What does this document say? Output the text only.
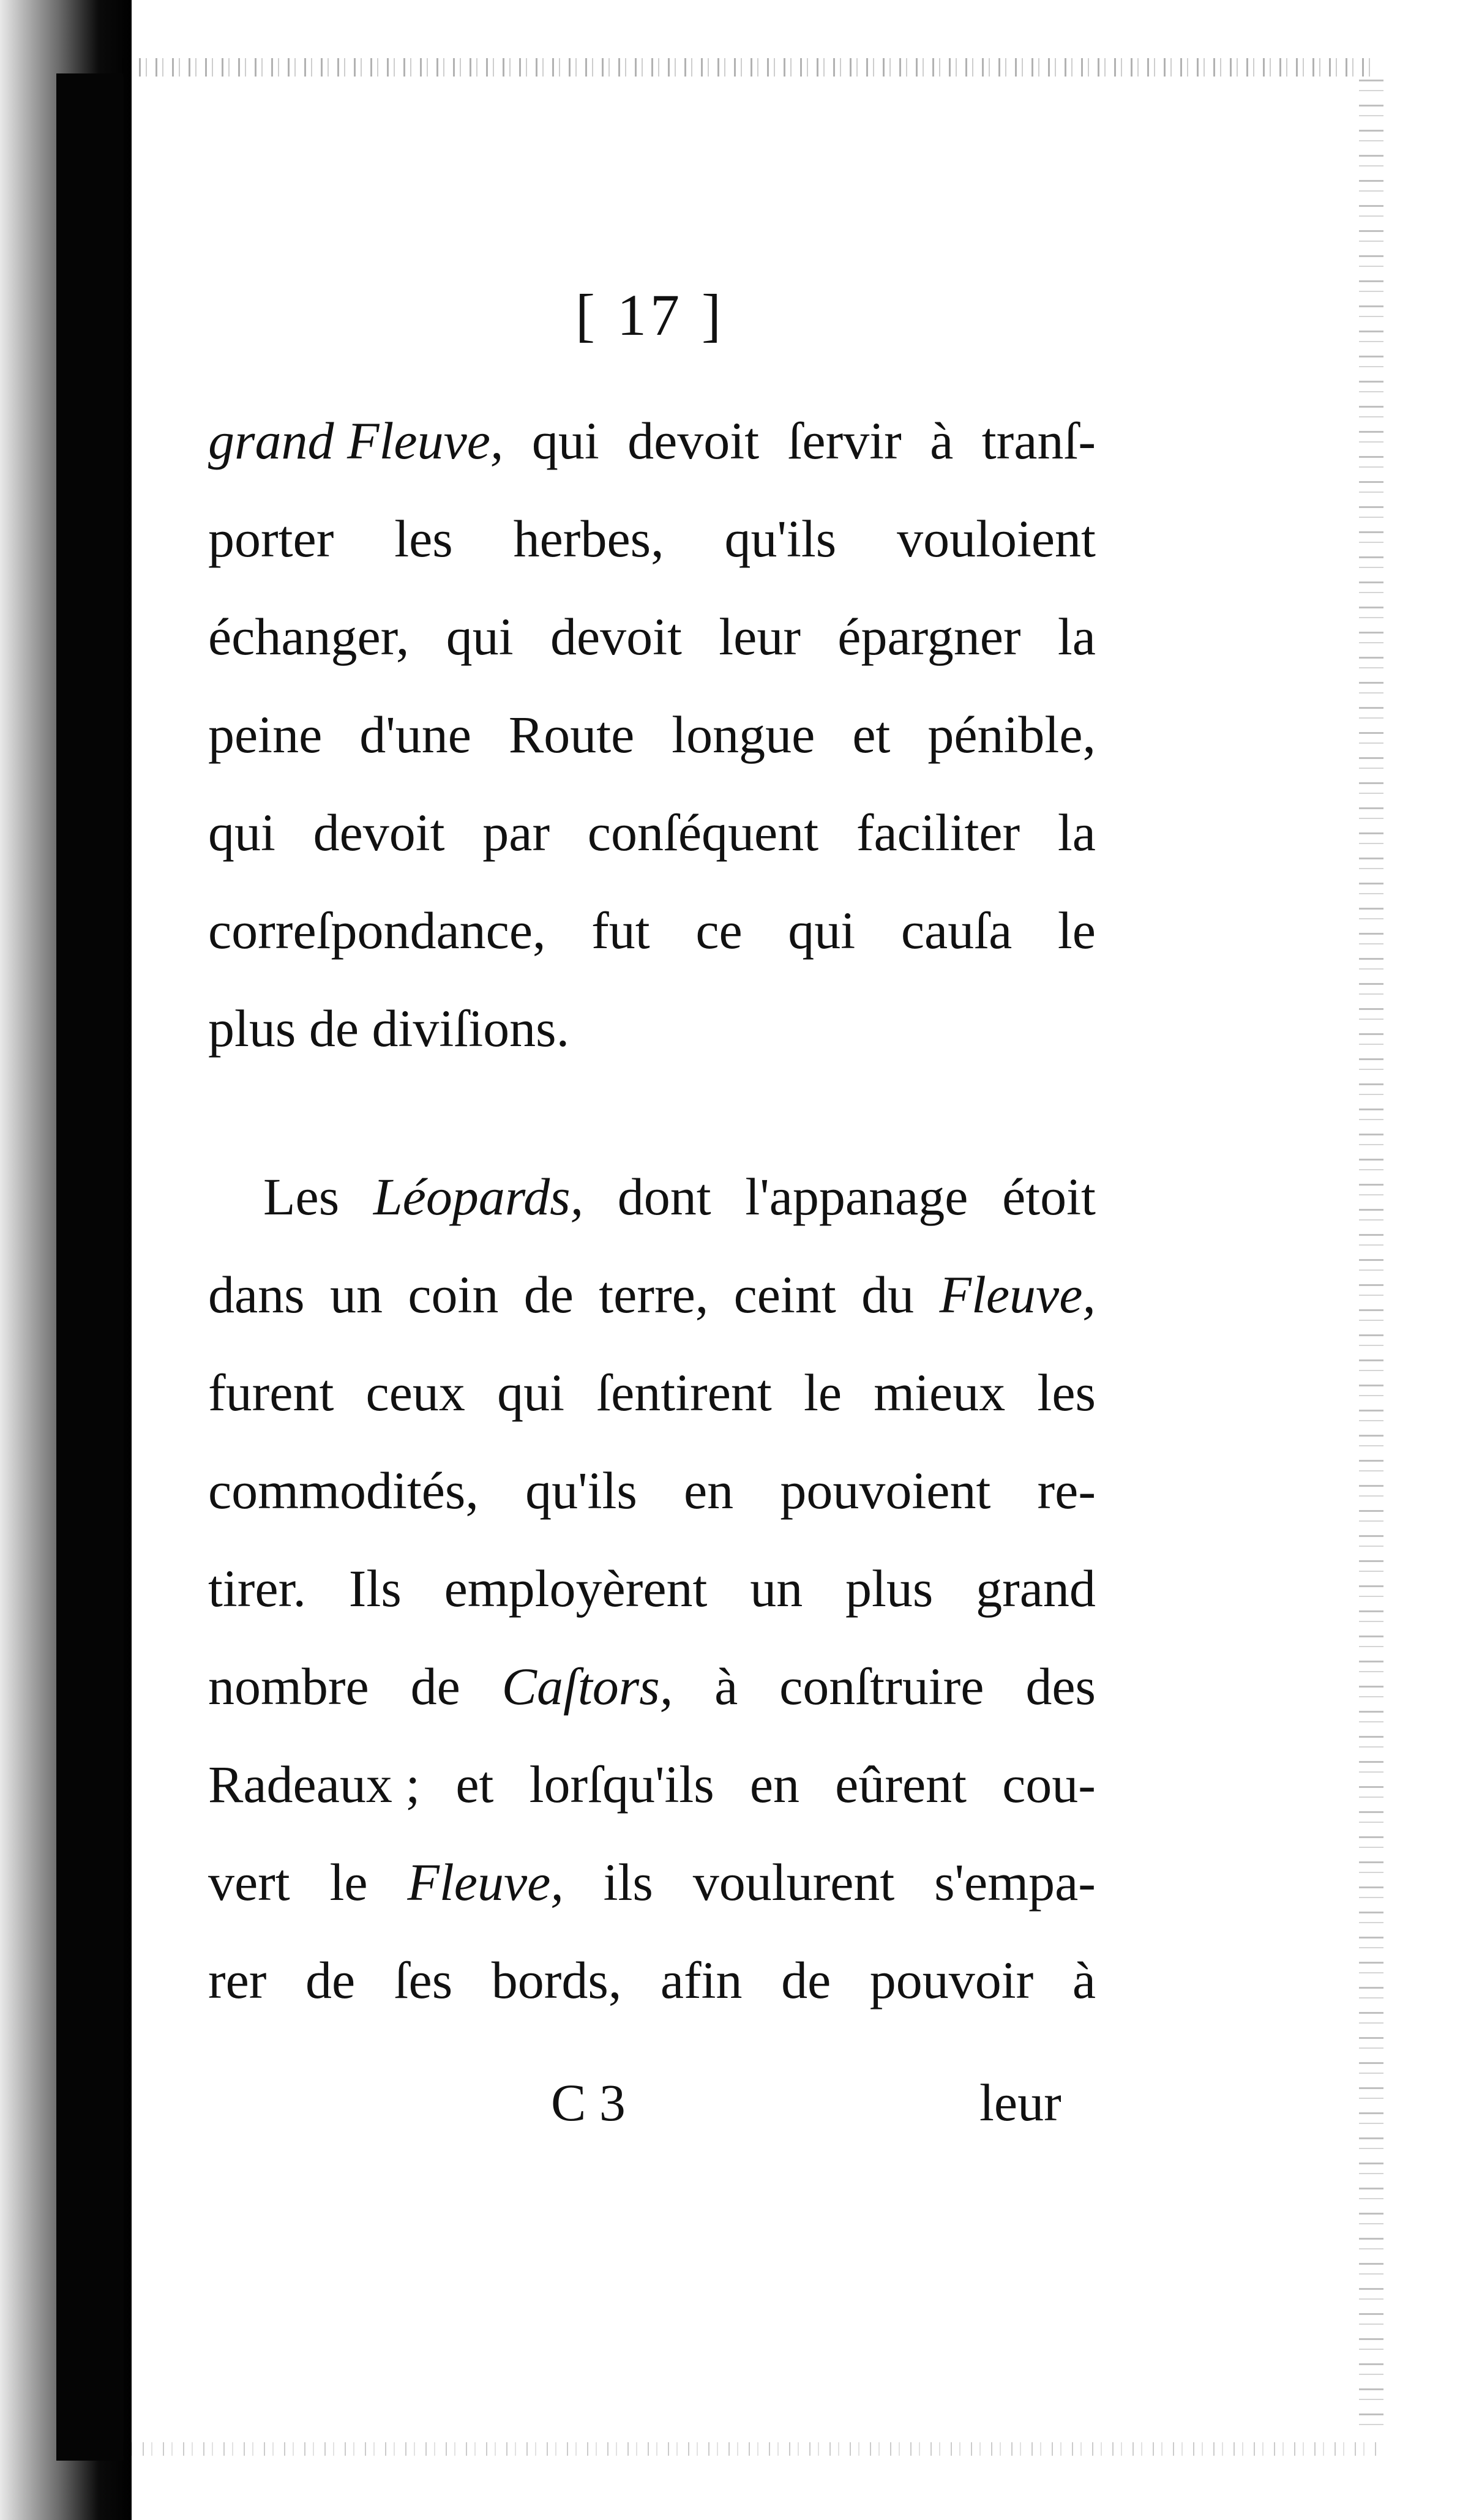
[ 17 ]
grand Fleuve, qui devoit ſervir à tranſ-
porter les herbes, qu'ils vouloient
échanger, qui devoit leur épargner la
peine d'une Route longue et pénible,
qui devoit par conſéquent faciliter la
correſpondance, fut ce qui cauſa le
plus de diviſions.
Les Léopards, dont l'appanage étoit
dans un coin de terre, ceint du Fleuve,
furent ceux qui ſentirent le mieux les
commodités, qu'ils en pouvoient re-
tirer. Ils employèrent un plus grand
nombre de Caſtors, à conſtruire des
Radeaux ; et lorſqu'ils en eûrent cou-
vert le Fleuve, ils voulurent s'empa-
rer de ſes bords, afin de pouvoir à
C 3	leur
